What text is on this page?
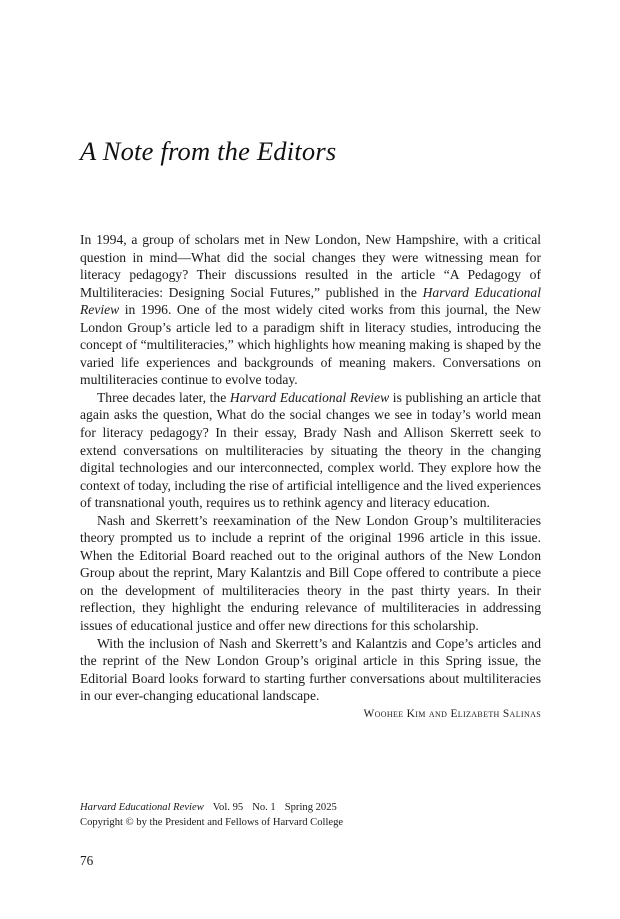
A Note from the Editors

In 1994, a group of scholars met in New London, New Hampshire, with a critical question in mind—What did the social changes they were witnessing mean for literacy pedagogy? Their discussions resulted in the article “A Pedagogy of Multiliteracies: Designing Social Futures,” published in the Harvard Educational Review in 1996. One of the most widely cited works from this journal, the New London Group’s article led to a paradigm shift in literacy studies, introducing the concept of “multiliteracies,” which highlights how meaning making is shaped by the varied life experiences and backgrounds of meaning makers. Conversations on multiliteracies continue to evolve today.

Three decades later, the Harvard Educational Review is publishing an article that again asks the question, What do the social changes we see in today’s world mean for literacy pedagogy? In their essay, Brady Nash and Allison Skerrett seek to extend conversations on multiliteracies by situating the theory in the changing digital technologies and our interconnected, complex world. They explore how the context of today, including the rise of artificial intelligence and the lived experiences of transnational youth, requires us to rethink agency and literacy education.

Nash and Skerrett’s reexamination of the New London Group’s multiliteracies theory prompted us to include a reprint of the original 1996 article in this issue. When the Editorial Board reached out to the original authors of the New London Group about the reprint, Mary Kalantzis and Bill Cope offered to contribute a piece on the development of multiliteracies theory in the past thirty years. In their reflection, they highlight the enduring relevance of multiliteracies in addressing issues of educational justice and offer new directions for this scholarship.

With the inclusion of Nash and Skerrett’s and Kalantzis and Cope’s articles and the reprint of the New London Group’s original article in this Spring issue, the Editorial Board looks forward to starting further conversations about multiliteracies in our ever-changing educational landscape.

Woohee Kim and Elizabeth Salinas

Harvard Educational Review Vol. 95 No. 1 Spring 2025
Copyright © by the President and Fellows of Harvard College
76
